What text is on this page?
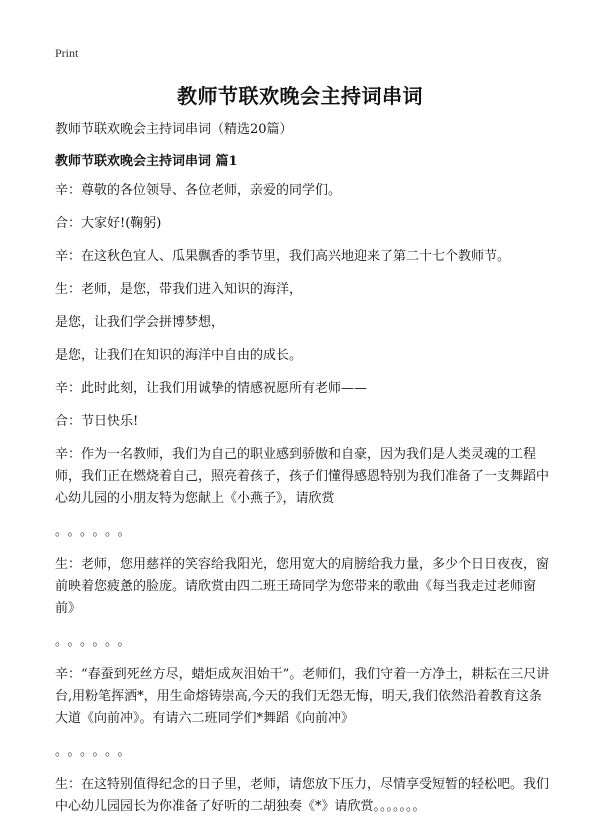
Print
教师节联欢晚会主持词串词
教师节联欢晚会主持词串词（精选20篇）
教师节联欢晚会主持词串词 篇1

辛：尊敬的各位领导、各位老师，亲爱的同学们。

合：大家好!(鞠躬)

辛：在这秋色宜人、瓜果飘香的季节里，我们高兴地迎来了第二十七个教师节。

生：老师，是您，带我们进入知识的海洋，

是您，让我们学会拼博梦想，

是您，让我们在知识的海洋中自由的成长。

辛：此时此刻，让我们用诚挚的情感祝愿所有老师——

合：节日快乐!

辛：作为一名教师，我们为自己的职业感到骄傲和自豪，因为我们是人类灵魂的工程师，我们正在燃烧着自己，照亮着孩子，孩子们懂得感恩特别为我们准备了一支舞蹈中心幼儿园的小朋友特为您献上《小燕子》，请欣赏

。。。。。。

生：老师，您用慈祥的笑容给我阳光，您用宽大的肩膀给我力量，多少个日日夜夜，窗前映着您疲惫的脸庞。请欣赏由四二班王琦同学为您带来的歌曲《每当我走过老师窗前》

。。。。。。

辛：“春蚕到死丝方尽，蜡炬成灰泪始干”。老师们，我们守着一方净土，耕耘在三尺讲台,用粉笔挥洒*，用生命熔铸崇高,今天的我们无怨无悔，明天,我们依然沿着教育这条大道《向前冲》。有请六二班同学们*舞蹈《向前冲》

。。。。。。

生：在这特别值得纪念的日子里，老师，请您放下压力，尽情享受短暂的轻松吧。我们中心幼儿园园长为你准备了好听的二胡独奏《*》请欣赏。。。。。。。
